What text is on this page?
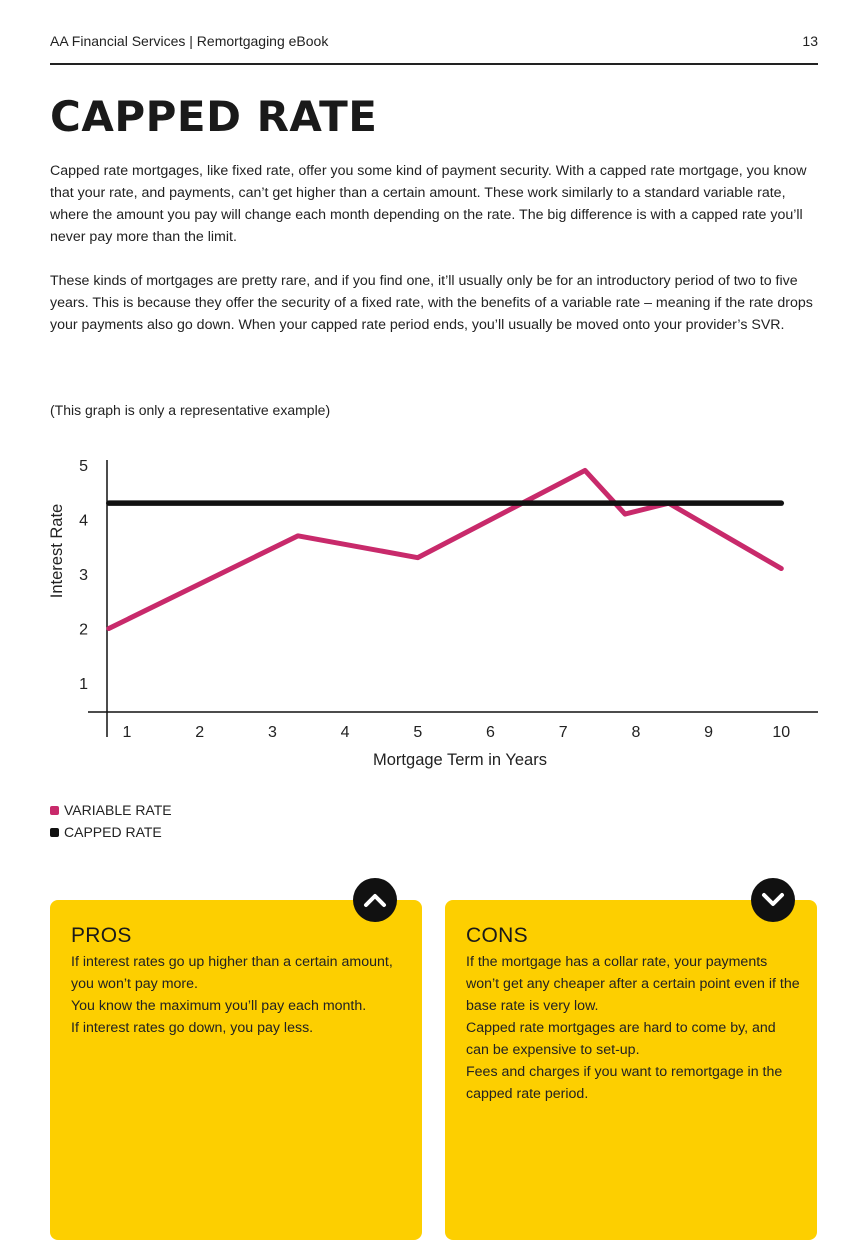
AA Financial Services | Remortgaging eBook	13
CAPPED RATE

Capped rate mortgages, like fixed rate, offer you some kind of payment security. With a capped rate mortgage, you know that your rate, and payments, can’t get higher than a certain amount. These work similarly to a standard variable rate, where the amount you pay will change each month depending on the rate. The big difference is with a capped rate you’ll never pay more than the limit.

These kinds of mortgages are pretty rare, and if you find one, it’ll usually only be for an introductory period of two to five years. This is because they offer the security of a fixed rate, with the benefits of a variable rate – meaning if the rate drops your payments also go down. When your capped rate period ends, you’ll usually be moved onto your provider’s SVR.

(This graph is only a representative example)
1
2
3
4
5
1	2	3	4	5	6	7	8	9	10
Mortgage Term in Years
Interest Rate
VARIABLE RATE
CAPPED RATE
PROS
If interest rates go up higher than a certain amount, you won’t pay more.
You know the maximum you’ll pay each month.
If interest rates go down, you pay less.
CONS
If the mortgage has a collar rate, your payments won’t get any cheaper after a certain point even if the base rate is very low.
Capped rate mortgages are hard to come by, and can be expensive to set-up.
Fees and charges if you want to remortgage in the capped rate period.
